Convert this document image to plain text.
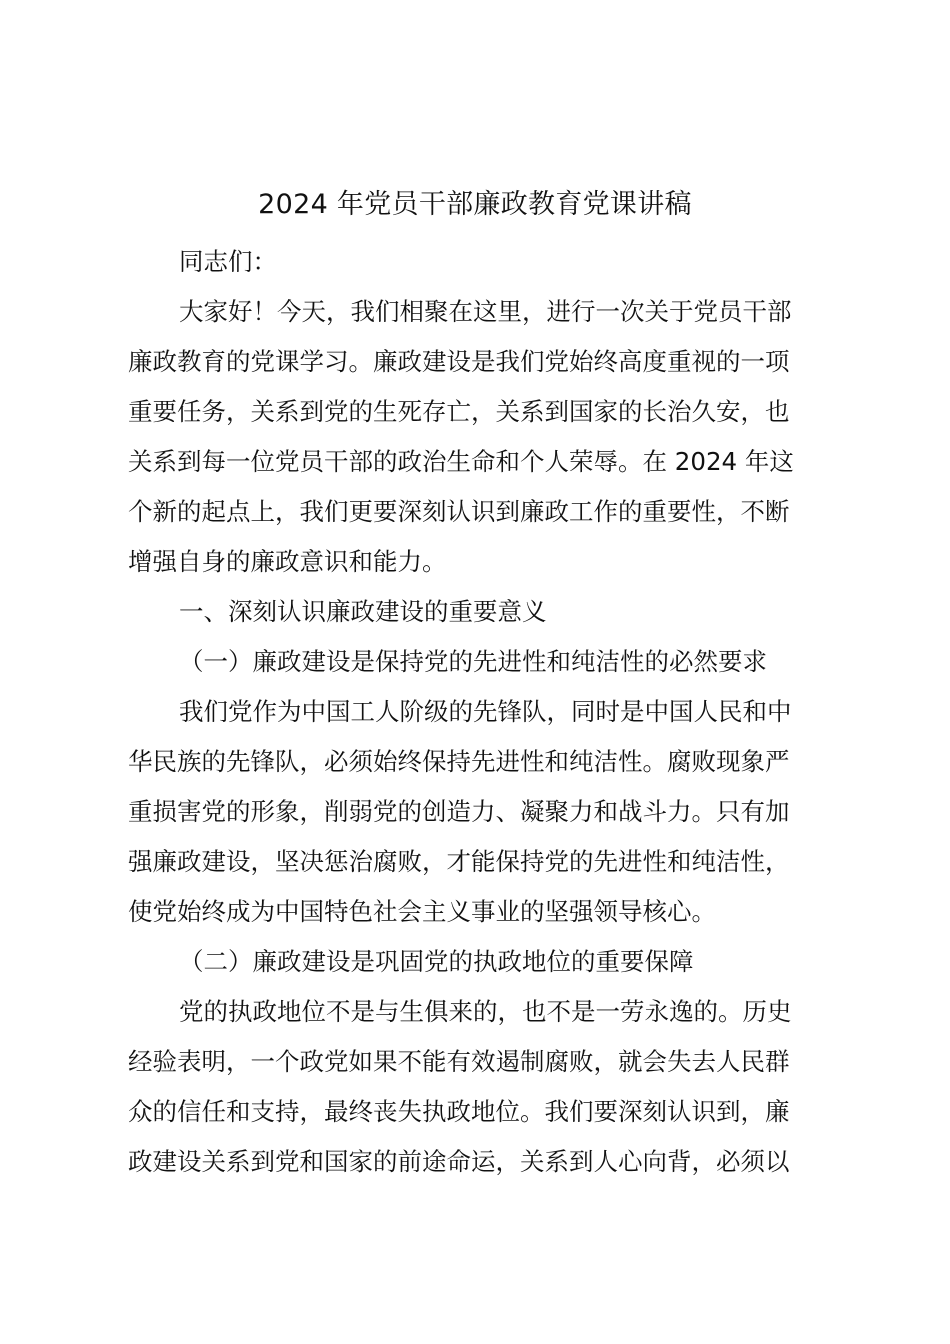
2024 年党员干部廉政教育党课讲稿

同志们：

大家好！今天，我们相聚在这里，进行一次关于党员干部
廉政教育的党课学习。廉政建设是我们党始终高度重视的一项
重要任务，关系到党的生死存亡，关系到国家的长治久安，也
关系到每一位党员干部的政治生命和个人荣辱。在 2024 年这
个新的起点上，我们更要深刻认识到廉政工作的重要性，不断
增强自身的廉政意识和能力。

一、深刻认识廉政建设的重要意义

（一）廉政建设是保持党的先进性和纯洁性的必然要求

我们党作为中国工人阶级的先锋队，同时是中国人民和中
华民族的先锋队，必须始终保持先进性和纯洁性。腐败现象严
重损害党的形象，削弱党的创造力、凝聚力和战斗力。只有加
强廉政建设，坚决惩治腐败，才能保持党的先进性和纯洁性，
使党始终成为中国特色社会主义事业的坚强领导核心。

（二）廉政建设是巩固党的执政地位的重要保障

党的执政地位不是与生俱来的，也不是一劳永逸的。历史
经验表明，一个政党如果不能有效遏制腐败，就会失去人民群
众的信任和支持，最终丧失执政地位。我们要深刻认识到，廉
政建设关系到党和国家的前途命运，关系到人心向背，必须以
